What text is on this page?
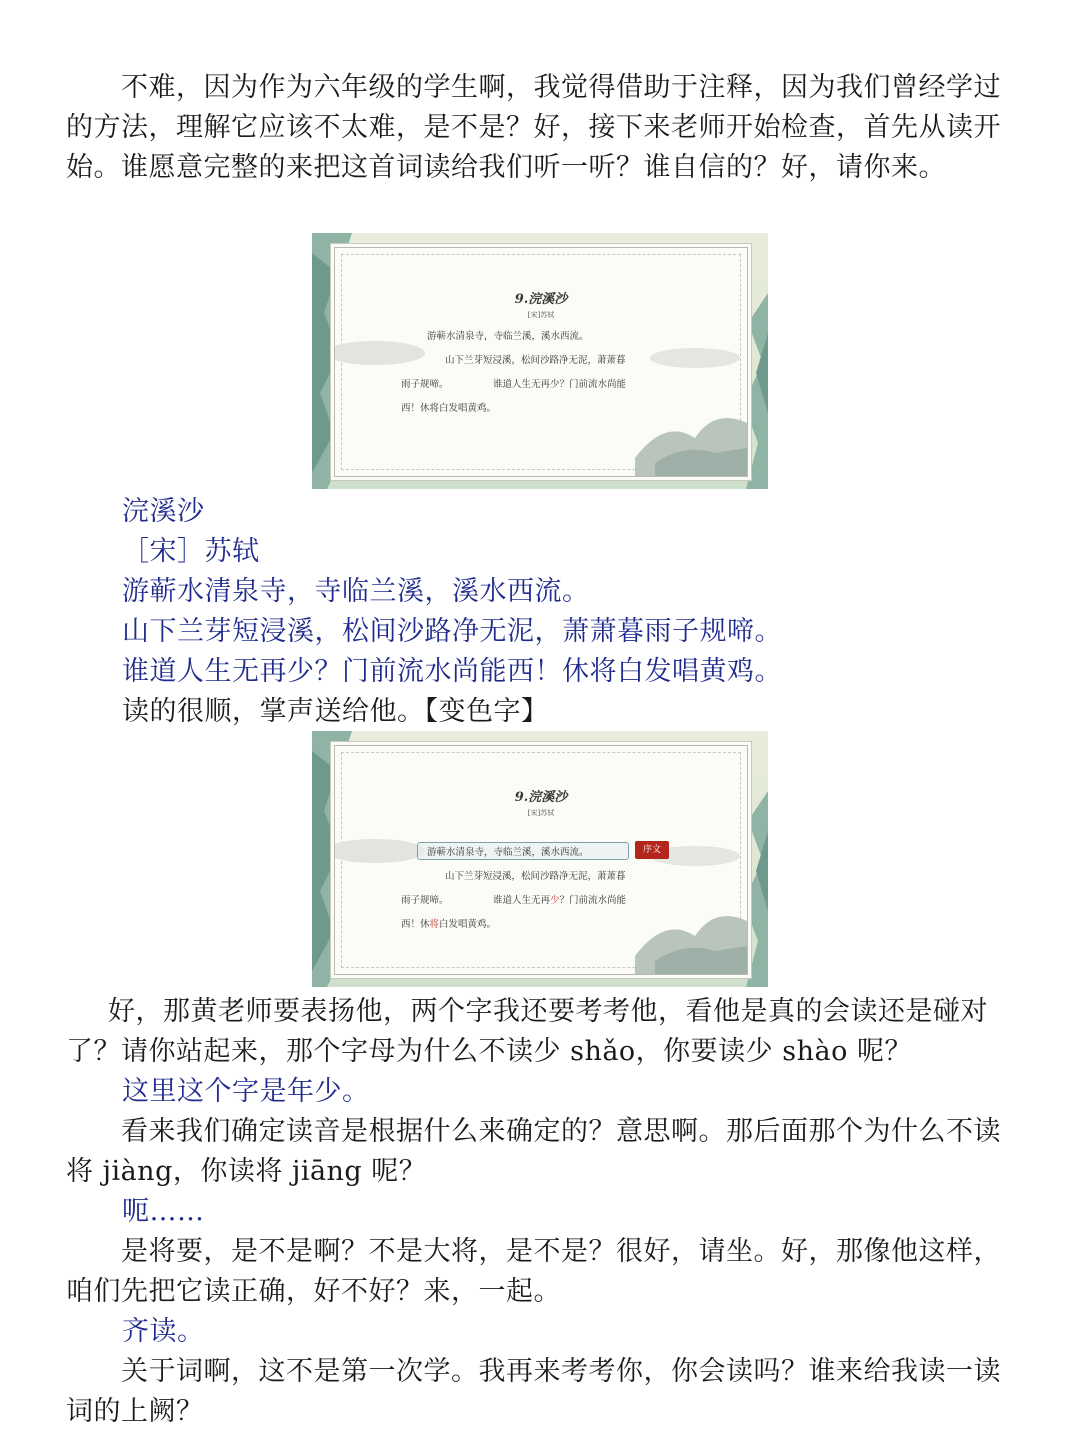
不难，因为作为六年级的学生啊，我觉得借助于注释，因为我们曾经学过的方法，理解它应该不太难，是不是？好，接下来老师开始检查，首先从读开始。谁愿意完整的来把这首词读给我们听一听？谁自信的？好，请你来。

9.浣溪沙
[宋]苏轼
游蕲水清泉寺，寺临兰溪，溪水西流。
山下兰芽短浸溪，松间沙路净无泥，萧萧暮
雨子规啼。	谁道人生无再少？门前流水尚能
西！休将白发唱黄鸡。
浣溪沙
［宋］苏轼
游蕲水清泉寺，寺临兰溪，溪水西流。
山下兰芽短浸溪，松间沙路净无泥，萧萧暮雨子规啼。
谁道人生无再少？门前流水尚能西！休将白发唱黄鸡。
读的很顺，掌声送给他。【变色字】
9.浣溪沙
[宋]苏轼
游蕲水清泉寺，寺临兰溪，溪水西流。	序文
山下兰芽短浸溪，松间沙路净无泥，萧萧暮
雨子规啼。	谁道人生无再少？门前流水尚能
西！休将白发唱黄鸡。

好，那黄老师要表扬他，两个字我还要考考他，看他是真的会读还是碰对了？请你站起来，那个字母为什么不读少 shǎo，你要读少 shào 呢？

这里这个字是年少。

看来我们确定读音是根据什么来确定的？意思啊。那后面那个为什么不读将 jiàng，你读将 jiāng 呢？

呃……

是将要，是不是啊？不是大将，是不是？很好，请坐。好，那像他这样，咱们先把它读正确，好不好？来，一起。

齐读。

关于词啊，这不是第一次学。我再来考考你，你会读吗？谁来给我读一读词的上阙？
